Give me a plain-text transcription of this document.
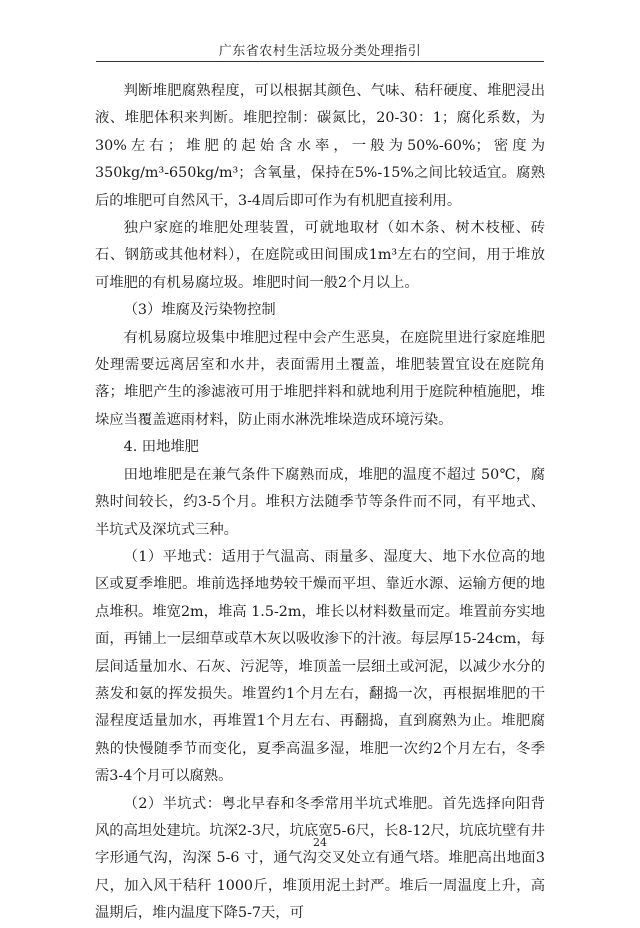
广东省农村生活垃圾分类处理指引

判断堆肥腐熟程度，可以根据其颜色、气味、秸秆硬度、堆肥浸出液、堆肥体积来判断。堆肥控制：碳氮比，20-30：1；腐化系数，为30%左右；堆肥的起始含水率，一般为50%-60%；密度为350kg/m³-650kg/m³；含氧量，保持在5%-15%之间比较适宜。腐熟后的堆肥可自然风干，3-4周后即可作为有机肥直接利用。

独户家庭的堆肥处理装置，可就地取材（如木条、树木枝桠、砖石、钢筋或其他材料），在庭院或田间围成1m³左右的空间，用于堆放可堆肥的有机易腐垃圾。堆肥时间一般2个月以上。

（3）堆腐及污染物控制

有机易腐垃圾集中堆肥过程中会产生恶臭，在庭院里进行家庭堆肥处理需要远离居室和水井，表面需用土覆盖，堆肥装置宜设在庭院角落；堆肥产生的渗滤液可用于堆肥拌料和就地利用于庭院种植施肥，堆垛应当覆盖遮雨材料，防止雨水淋洗堆垛造成环境污染。

4. 田地堆肥

田地堆肥是在兼气条件下腐熟而成，堆肥的温度不超过 50℃，腐熟时间较长，约3-5个月。堆积方法随季节等条件而不同，有平地式、半坑式及深坑式三种。

（1）平地式：适用于气温高、雨量多、湿度大、地下水位高的地区或夏季堆肥。堆前选择地势较干燥而平坦、靠近水源、运输方便的地点堆积。堆宽2m，堆高 1.5-2m，堆长以材料数量而定。堆置前夯实地面，再铺上一层细草或草木灰以吸收渗下的汁液。每层厚15-24cm，每层间适量加水、石灰、污泥等，堆顶盖一层细土或河泥，以减少水分的蒸发和氨的挥发损失。堆置约1个月左右，翻捣一次，再根据堆肥的干湿程度适量加水，再堆置1个月左右、再翻捣，直到腐熟为止。堆肥腐熟的快慢随季节而变化，夏季高温多湿，堆肥一次约2个月左右，冬季需3-4个月可以腐熟。

（2）半坑式：粤北早春和冬季常用半坑式堆肥。首先选择向阳背风的高坦处建坑。坑深2-3尺，坑底宽5-6尺，长8-12尺，坑底坑壁有井字形通气沟，沟深 5-6 寸，通气沟交叉处立有通气塔。堆肥高出地面3尺，加入风干秸秆 1000斤，堆顶用泥土封严。堆后一周温度上升，高温期后，堆内温度下降5-7天，可

24
